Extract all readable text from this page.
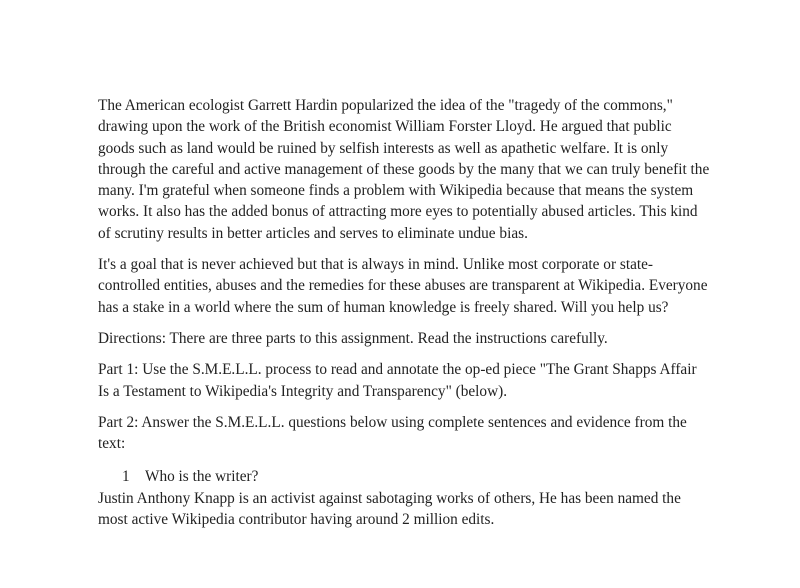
The American ecologist Garrett Hardin popularized the idea of the "tragedy of the commons," drawing upon the work of the British economist William Forster Lloyd. He argued that public goods such as land would be ruined by selfish interests as well as apathetic welfare. It is only through the careful and active management of these goods by the many that we can truly benefit the many. I'm grateful when someone finds a problem with Wikipedia because that means the system works. It also has the added bonus of attracting more eyes to potentially abused articles. This kind of scrutiny results in better articles and serves to eliminate undue bias.

It's a goal that is never achieved but that is always in mind. Unlike most corporate or state-controlled entities, abuses and the remedies for these abuses are transparent at Wikipedia. Everyone has a stake in a world where the sum of human knowledge is freely shared. Will you help us?

Directions: There are three parts to this assignment. Read the instructions carefully.

Part 1: Use the S.M.E.L.L. process to read and annotate the op-ed piece "The Grant Shapps Affair Is a Testament to Wikipedia's Integrity and Transparency" (below).

Part 2: Answer the S.M.E.L.L. questions below using complete sentences and evidence from the text:

1	Who is the writer?

Justin Anthony Knapp is an activist against sabotaging works of others, He has been named the most active Wikipedia contributor having around 2 million edits.
